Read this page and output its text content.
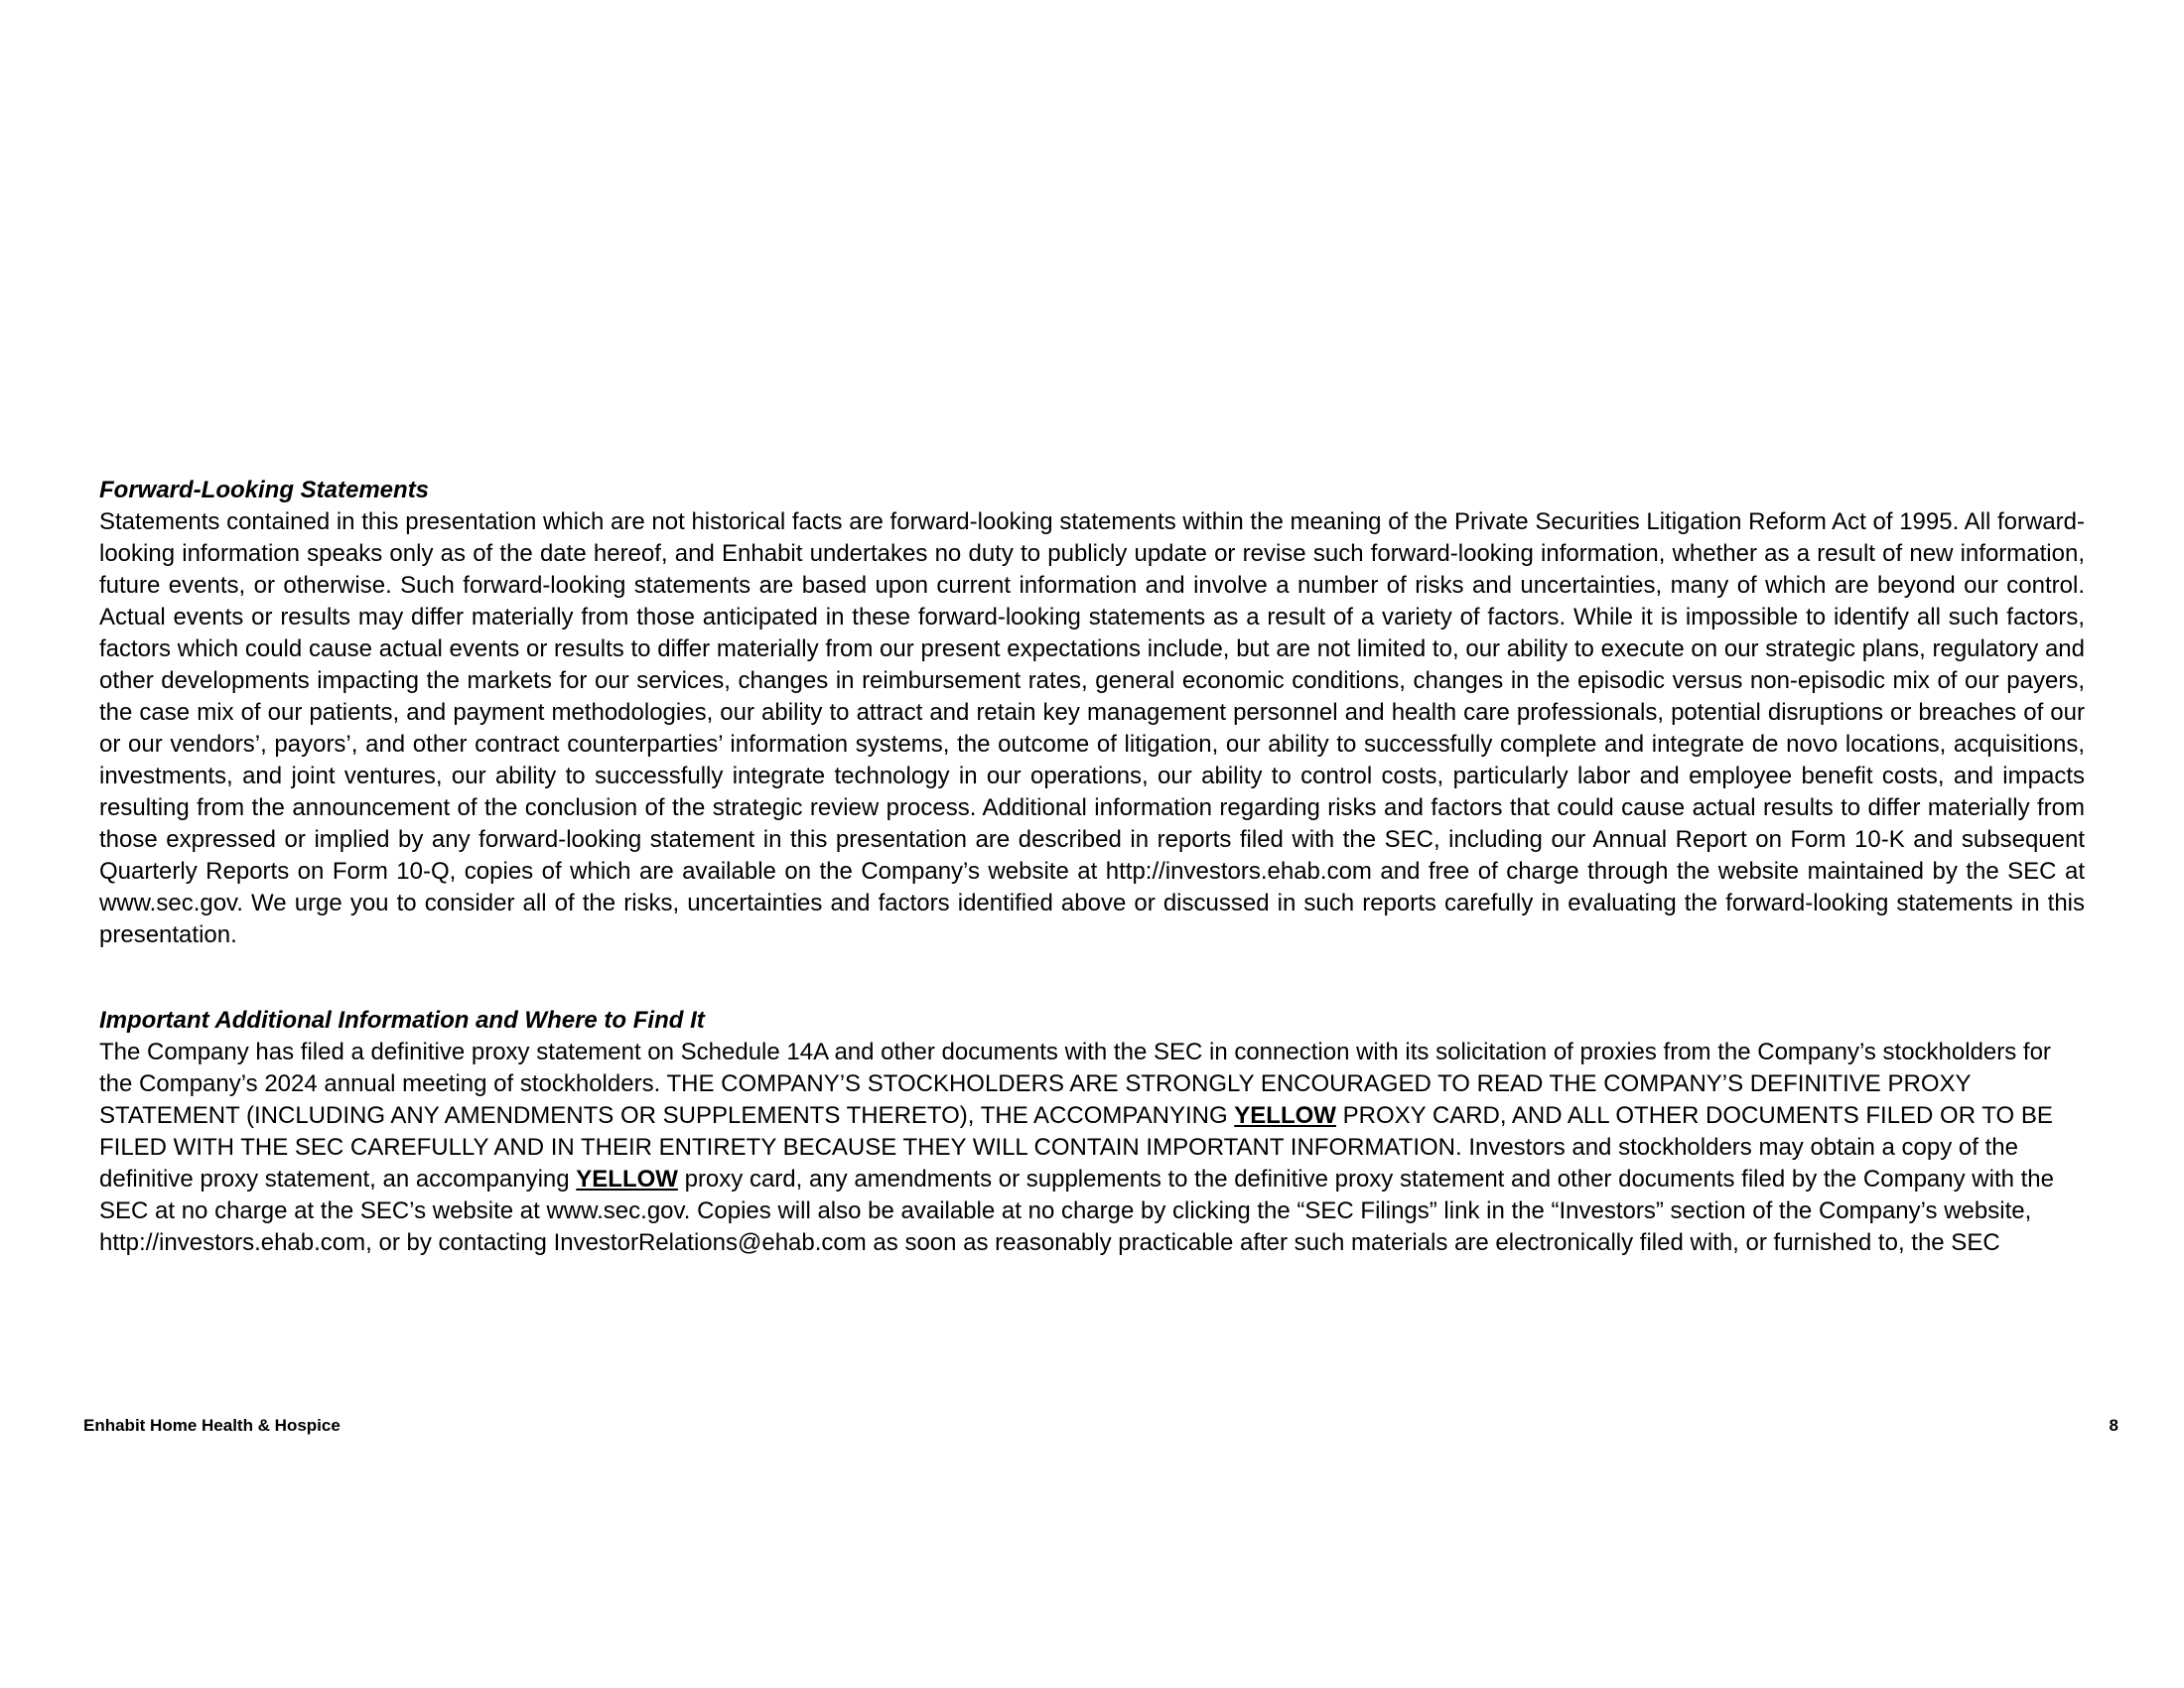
Forward-Looking Statements

Statements contained in this presentation which are not historical facts are forward-looking statements within the meaning of the Private Securities Litigation Reform Act of 1995. All forward-looking information speaks only as of the date hereof, and Enhabit undertakes no duty to publicly update or revise such forward-looking information, whether as a result of new information, future events, or otherwise. Such forward-looking statements are based upon current information and involve a number of risks and uncertainties, many of which are beyond our control. Actual events or results may differ materially from those anticipated in these forward-looking statements as a result of a variety of factors. While it is impossible to identify all such factors, factors which could cause actual events or results to differ materially from our present expectations include, but are not limited to, our ability to execute on our strategic plans, regulatory and other developments impacting the markets for our services, changes in reimbursement rates, general economic conditions, changes in the episodic versus non-episodic mix of our payers, the case mix of our patients, and payment methodologies, our ability to attract and retain key management personnel and health care professionals, potential disruptions or breaches of our or our vendors’, payors’, and other contract counterparties’ information systems, the outcome of litigation, our ability to successfully complete and integrate de novo locations, acquisitions, investments, and joint ventures, our ability to successfully integrate technology in our operations, our ability to control costs, particularly labor and employee benefit costs, and impacts resulting from the announcement of the conclusion of the strategic review process. Additional information regarding risks and factors that could cause actual results to differ materially from those expressed or implied by any forward-looking statement in this presentation are described in reports filed with the SEC, including our Annual Report on Form 10-K and subsequent Quarterly Reports on Form 10-Q, copies of which are available on the Company’s website at http://investors.ehab.com and free of charge through the website maintained by the SEC at www.sec.gov. We urge you to consider all of the risks, uncertainties and factors identified above or discussed in such reports carefully in evaluating the forward-looking statements in this presentation.

Important Additional Information and Where to Find It

The Company has filed a definitive proxy statement on Schedule 14A and other documents with the SEC in connection with its solicitation of proxies from the Company’s stockholders for the Company’s 2024 annual meeting of stockholders. THE COMPANY’S STOCKHOLDERS ARE STRONGLY ENCOURAGED TO READ THE COMPANY’S DEFINITIVE PROXY STATEMENT (INCLUDING ANY AMENDMENTS OR SUPPLEMENTS THERETO), THE ACCOMPANYING YELLOW PROXY CARD, AND ALL OTHER DOCUMENTS FILED OR TO BE FILED WITH THE SEC CAREFULLY AND IN THEIR ENTIRETY BECAUSE THEY WILL CONTAIN IMPORTANT INFORMATION. Investors and stockholders may obtain a copy of the definitive proxy statement, an accompanying YELLOW proxy card, any amendments or supplements to the definitive proxy statement and other documents filed by the Company with the SEC at no charge at the SEC’s website at www.sec.gov. Copies will also be available at no charge by clicking the “SEC Filings” link in the “Investors” section of the Company’s website, http://investors.ehab.com, or by contacting InvestorRelations@ehab.com as soon as reasonably practicable after such materials are electronically filed with, or furnished to, the SEC

Enhabit Home Health & Hospice	8
